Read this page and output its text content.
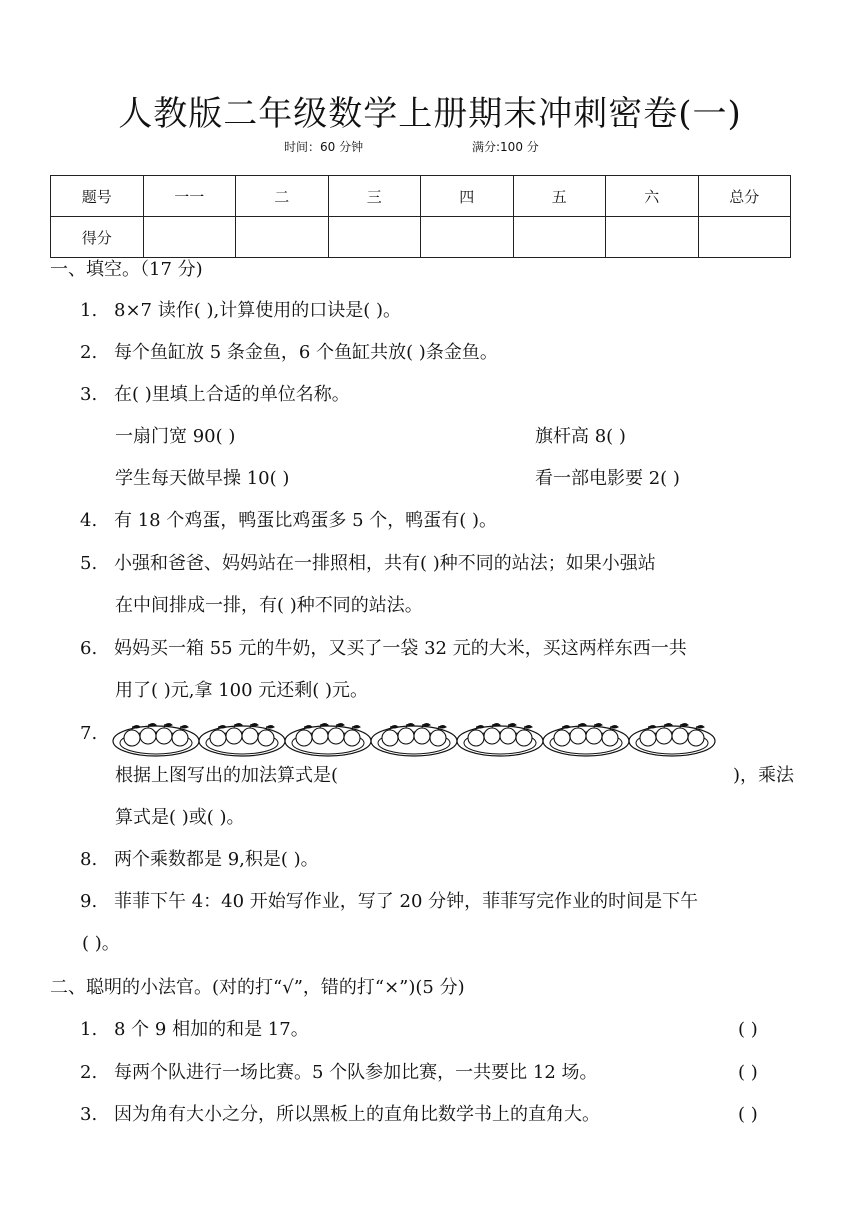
人教版二年级数学上册期末冲刺密卷(一)
时间：60 分钟	满分:100 分
题号	一一	二	三	四	五	六	总分
得分							
一、填空。（17 分)
1. 8×7 读作( ),计算使用的口诀是( )。
2. 每个鱼缸放 5 条金鱼，6 个鱼缸共放( )条金鱼。
3. 在( )里填上合适的单位名称。
一扇门宽 90( )	旗杆高 8( )
学生每天做早操 10( )	看一部电影要 2( )
4. 有 18 个鸡蛋，鸭蛋比鸡蛋多 5 个，鸭蛋有( )。
5. 小强和爸爸、妈妈站在一排照相，共有( )种不同的站法；如果小强站
在中间排成一排，有( )种不同的站法。
6. 妈妈买一箱 55 元的牛奶，又买了一袋 32 元的大米，买这两样东西一共
用了( )元,拿 100 元还剩( )元。
7.
根据上图写出的加法算式是(	)，乘法
算式是( )或( )。
8. 两个乘数都是 9,积是( )。
9. 菲菲下午 4：40 开始写作业，写了 20 分钟，菲菲写完作业的时间是下午
( )。
二、聪明的小法官。(对的打“√”，错的打“×”)(5 分)
1. 8 个 9 相加的和是 17。	( )
2. 每两个队进行一场比赛。5 个队参加比赛，一共要比 12 场。	( )
3. 因为角有大小之分，所以黑板上的直角比数学书上的直角大。	( )
